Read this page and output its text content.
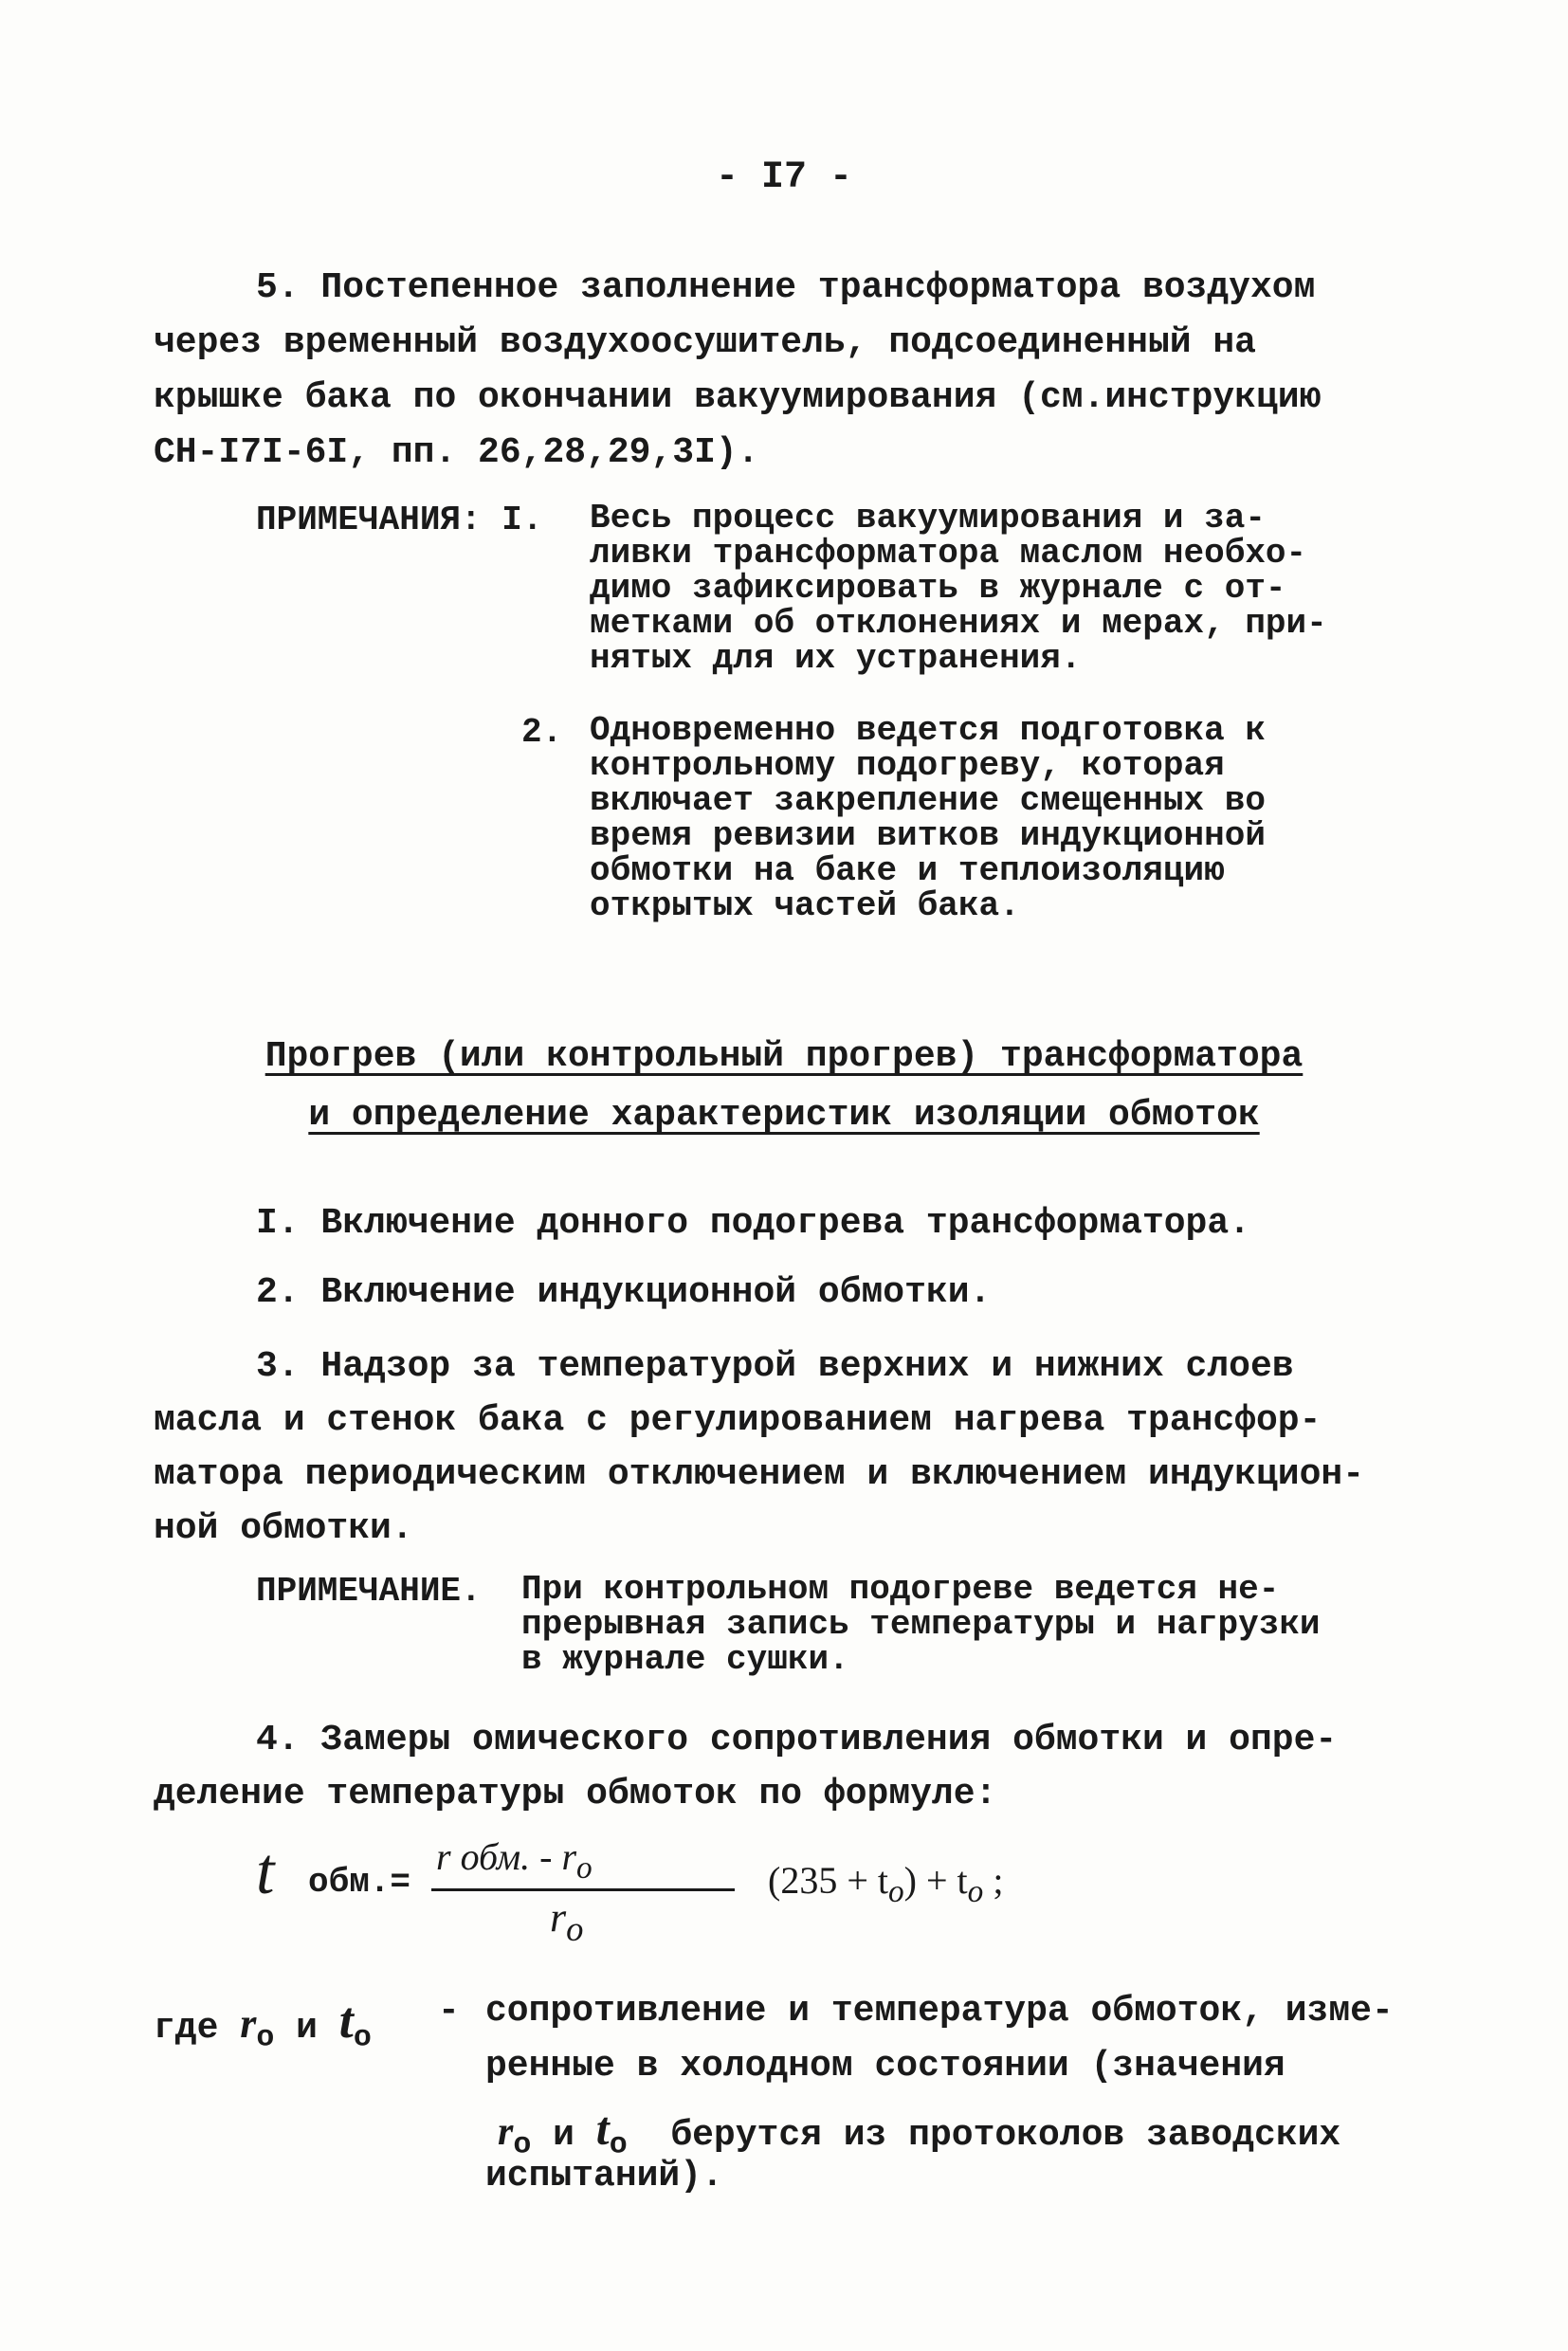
- I7 -
5. Постепенное заполнение трансформатора воздухом
через временный воздухоосушитель, подсоединенный на
крышке бака по окончании вакуумирования (см.инструкцию
СН-I7I-6I, пп. 26,28,29,3I).
ПРИМЕЧАНИЯ: I. Весь процесс вакуумирования и за-
ливки трансформатора маслом необхо-
димо зафиксировать в журнале с от-
метками об отклонениях и мерах, при-
нятых для их устранения.
2. Одновременно ведется подготовка к
контрольному подогреву, которая
включает закрепление смещенных во
время ревизии витков индукционной
обмотки на баке и теплоизоляцию
открытых частей бака.
Прогрев (или контрольный прогрев) трансформатора
и определение характеристик изоляции обмоток
I. Включение донного подогрева трансформатора.
2. Включение индукционной обмотки.
3. Надзор за температурой верхних и нижних слоев
масла и стенок бака с регулированием нагрева трансфор-
матора периодическим отключением и включением индукцион-
ной обмотки.
ПРИМЕЧАНИЕ. При контрольном подогреве ведется не-
прерывная запись температуры и нагрузки
в журнале сушки.
4. Замеры омического сопротивления обмотки и опре-
деление температуры обмоток по формуле:
t обм.=
r обм. - $r_o$
$r_o$
$(235 + t_o) + t_o$ ;
где $r_o$ и $t_o$
- сопротивление и температура обмоток, изме-
ренные в холодном состоянии (значения
$r_o$ и $t_o$ берутся из протоколов заводских
испытаний).
